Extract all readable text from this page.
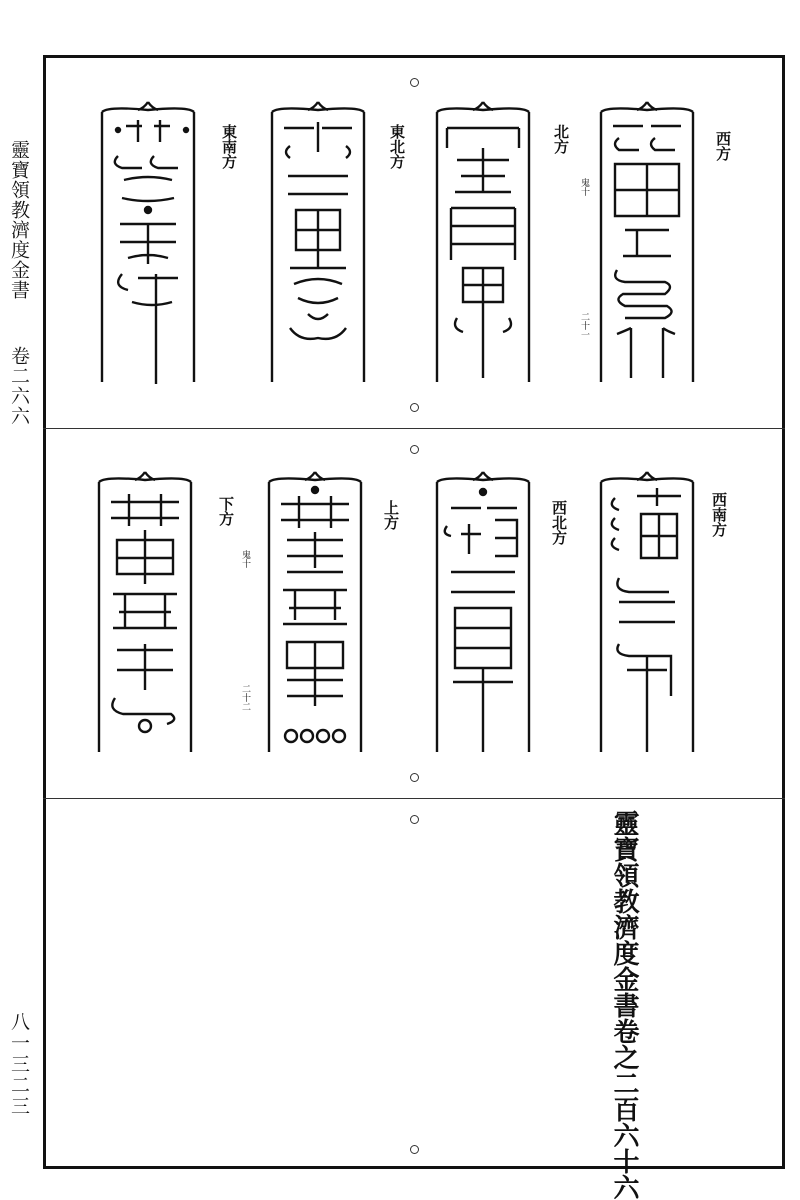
靈寶領教濟度金書  卷二六六
八一三二三
西方
北方
東北方
東南方
鬼十
二十一
西南方
西北方
上方
下方
鬼十
二十二
靈寶領教濟度金書卷之二百六十六
